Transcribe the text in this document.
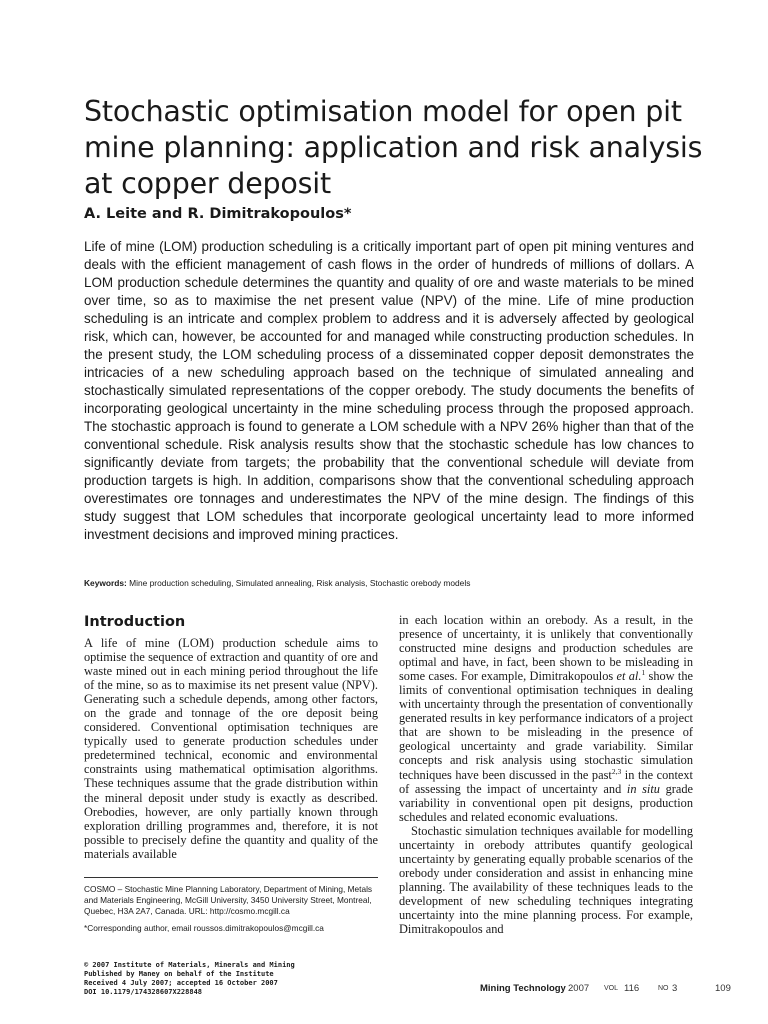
Stochastic optimisation model for open pit mine planning: application and risk analysis at copper deposit

A. Leite and R. Dimitrakopoulos*

Life of mine (LOM) production scheduling is a critically important part of open pit mining ventures and deals with the efficient management of cash flows in the order of hundreds of millions of dollars. A LOM production schedule determines the quantity and quality of ore and waste materials to be mined over time, so as to maximise the net present value (NPV) of the mine. Life of mine production scheduling is an intricate and complex problem to address and it is adversely affected by geological risk, which can, however, be accounted for and managed while constructing production schedules. In the present study, the LOM scheduling process of a disseminated copper deposit demonstrates the intricacies of a new scheduling approach based on the technique of simulated annealing and stochastically simulated representations of the copper orebody. The study documents the benefits of incorporating geological uncertainty in the mine scheduling process through the proposed approach. The stochastic approach is found to generate a LOM schedule with a NPV 26% higher than that of the conventional schedule. Risk analysis results show that the stochastic schedule has low chances to significantly deviate from targets; the probability that the conventional schedule will deviate from production targets is high. In addition, comparisons show that the conventional scheduling approach overestimates ore tonnages and underestimates the NPV of the mine design. The findings of this study suggest that LOM schedules that incorporate geological uncertainty lead to more informed investment decisions and improved mining practices.

Keywords: Mine production scheduling, Simulated annealing, Risk analysis, Stochastic orebody models

Introduction

A life of mine (LOM) production schedule aims to optimise the sequence of extraction and quantity of ore and waste mined out in each mining period throughout the life of the mine, so as to maximise its net present value (NPV). Generating such a schedule depends, among other factors, on the grade and tonnage of the ore deposit being considered. Conventional optimisation techniques are typically used to generate production schedules under predetermined technical, economic and environmental constraints using mathematical optimisation algorithms. These techniques assume that the grade distribution within the mineral deposit under study is exactly as described. Orebodies, however, are only partially known through exploration drilling programmes and, therefore, it is not possible to precisely define the quantity and quality of the materials available

in each location within an orebody. As a result, in the presence of uncertainty, it is unlikely that conventionally constructed mine designs and production schedules are optimal and have, in fact, been shown to be misleading in some cases. For example, Dimitrakopoulos et al.$^1$ show the limits of conventional optimisation techniques in dealing with uncertainty through the presentation of conventionally generated results in key performance indicators of a project that are shown to be misleading in the presence of geological uncertainty and grade variability. Similar concepts and risk analysis using stochastic simulation techniques have been discussed in the past$^{2,3}$ in the context of assessing the impact of uncertainty and in situ grade variability in conventional open pit designs, production schedules and related economic evaluations.

Stochastic simulation techniques available for modelling uncertainty in orebody attributes quantify geological uncertainty by generating equally probable scenarios of the orebody under consideration and assist in enhancing mine planning. The availability of these techniques leads to the development of new scheduling techniques integrating uncertainty into the mine planning process. For example, Dimitrakopoulos and

COSMO – Stochastic Mine Planning Laboratory, Department of Mining, Metals and Materials Engineering, McGill University, 3450 University Street, Montreal, Quebec, H3A 2A7, Canada. URL: http://cosmo.mcgill.ca

*Corresponding author, email roussos.dimitrakopoulos@mcgill.ca

© 2007 Institute of Materials, Minerals and Mining
Published by Maney on behalf of the Institute
Received 4 July 2007; accepted 16 October 2007
DOI 10.1179/174328607X228848	Mining Technology 2007 VOL 116	NO 3	109
